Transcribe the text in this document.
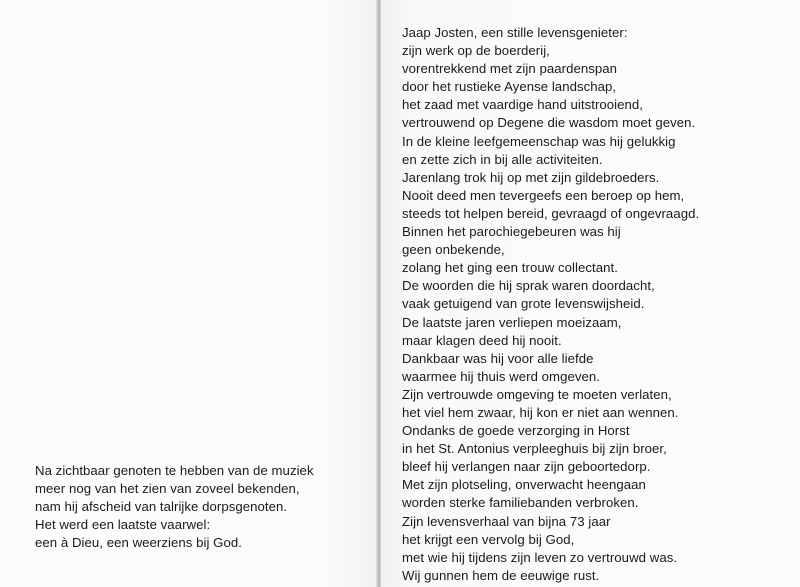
Na zichtbaar genoten te hebben van de muziek
meer nog van het zien van zoveel bekenden,
nam hij afscheid van talrijke dorpsgenoten.
Het werd een laatste vaarwel:
een à Dieu, een weerziens bij God.
Jaap Josten, een stille levensgenieter:
zijn werk op de boerderij,
vorentrekkend met zijn paardenspan
door het rustieke Ayense landschap,
het zaad met vaardige hand uitstrooiend,
vertrouwend op Degene die wasdom moet geven.
In de kleine leefgemeenschap was hij gelukkig
en zette zich in bij alle activiteiten.
Jarenlang trok hij op met zijn gildebroeders.
Nooit deed men tevergeefs een beroep op hem,
steeds tot helpen bereid, gevraagd of ongevraagd.
Binnen het parochiegebeuren was hij
geen onbekende,
zolang het ging een trouw collectant.
De woorden die hij sprak waren doordacht,
vaak getuigend van grote levenswijsheid.
De laatste jaren verliepen moeizaam,
maar klagen deed hij nooit.
Dankbaar was hij voor alle liefde
waarmee hij thuis werd omgeven.
Zijn vertrouwde omgeving te moeten verlaten,
het viel hem zwaar, hij kon er niet aan wennen.
Ondanks de goede verzorging in Horst
in het St. Antonius verpleeghuis bij zijn broer,
bleef hij verlangen naar zijn geboortedorp.
Met zijn plotseling, onverwacht heengaan
worden sterke familiebanden verbroken.
Zijn levensverhaal van bijna 73 jaar
het krijgt een vervolg bij God,
met wie hij tijdens zijn leven zo vertrouwd was.
Wij gunnen hem de eeuwige rust.
